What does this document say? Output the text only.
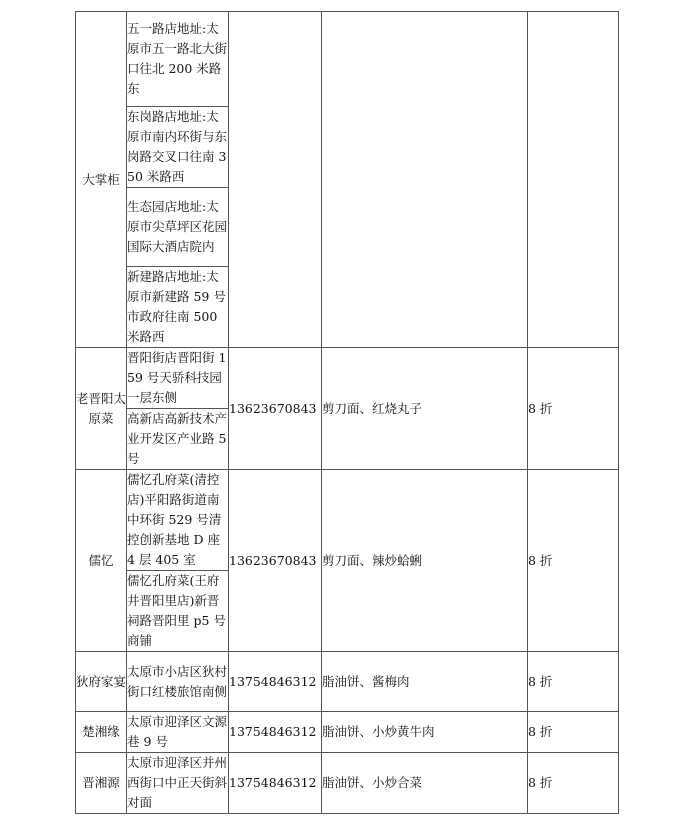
大掌柜	五一路店地址:太原市五一路北大街口往北 200 米路东			
	东岗路店地址:太原市南内环街与东岗路交叉口往南 350 米路西			
	生态园店地址:太原市尖草坪区花园国际大酒店院内			
	新建路店地址:太原市新建路 59 号市政府往南 500 米路西			
老晋阳太原菜	晋阳街店晋阳街 159 号天骄科技园一层东侧	13623670843	剪刀面、红烧丸子	8 折
	高新店高新技术产业开发区产业路 5 号			
儒忆	儒忆孔府菜(清控店)平阳路街道南中环街 529 号清控创新基地 D 座 4 层 405 室	13623670843	剪刀面、辣炒蛤蜊	8 折
	儒忆孔府菜(王府井晋阳里店)新晋祠路晋阳里 p5 号商铺			
狄府家宴	太原市小店区狄村街口红楼旅馆南侧	13754846312	脂油饼、酱梅肉	8 折
楚湘缘	太原市迎泽区文源巷 9 号	13754846312	脂油饼、小炒黄牛肉	8 折
晋湘源	太原市迎泽区并州西街口中正天街斜对面	13754846312	脂油饼、小炒合菜	8 折
